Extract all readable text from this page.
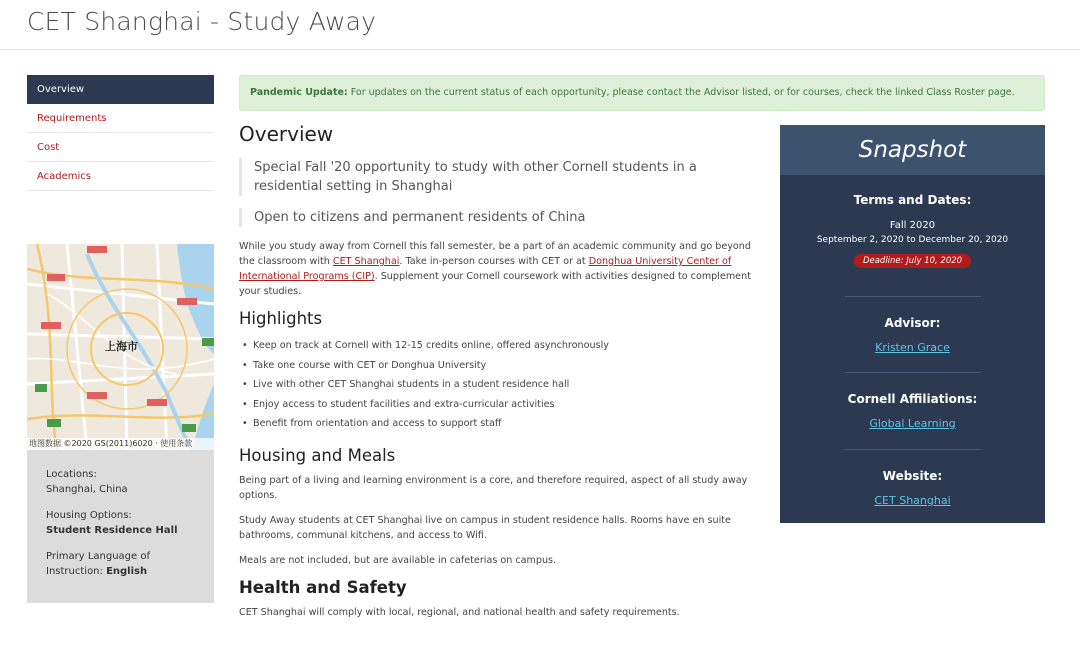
CET Shanghai - Study Away
Overview
Requirements
Cost
Academics
上海市
地图数据 ©2020 GS(2011)6020 · 使用条款
Locations:
Shanghai, China
Housing Options:
Student Residence Hall
Primary Language of
Instruction: English
Pandemic Update: For updates on the current status of each opportunity, please contact the Advisor listed, or for courses, check the linked Class Roster page.
Overview
Special Fall '20 opportunity to study with other Cornell students in a residential setting in Shanghai
Open to citizens and permanent residents of China

While you study away from Cornell this fall semester, be a part of an academic community and go beyond the classroom with CET Shanghai. Take in-person courses with CET or at Donghua University Center of International Programs (CIP). Supplement your Cornell coursework with activities designed to complement your studies.

Highlights
• Keep on track at Cornell with 12-15 credits online, offered asynchronously
• Take one course with CET or Donghua University
• Live with other CET Shanghai students in a student residence hall
• Enjoy access to student facilities and extra-curricular activities
• Benefit from orientation and access to support staff
Housing and Meals

Being part of a living and learning environment is a core, and therefore required, aspect of all study away options.

Study Away students at CET Shanghai live on campus in student residence halls. Rooms have en suite bathrooms, communal kitchens, and access to Wifi.

Meals are not included, but are available in cafeterias on campus.

Health and Safety

CET Shanghai will comply with local, regional, and national health and safety requirements.

Snapshot
Terms and Dates:
Fall 2020
September 2, 2020 to December 20, 2020
Deadline: July 10, 2020
Advisor:
Kristen Grace
Cornell Affiliations:
Global Learning
Website:
CET Shanghai
